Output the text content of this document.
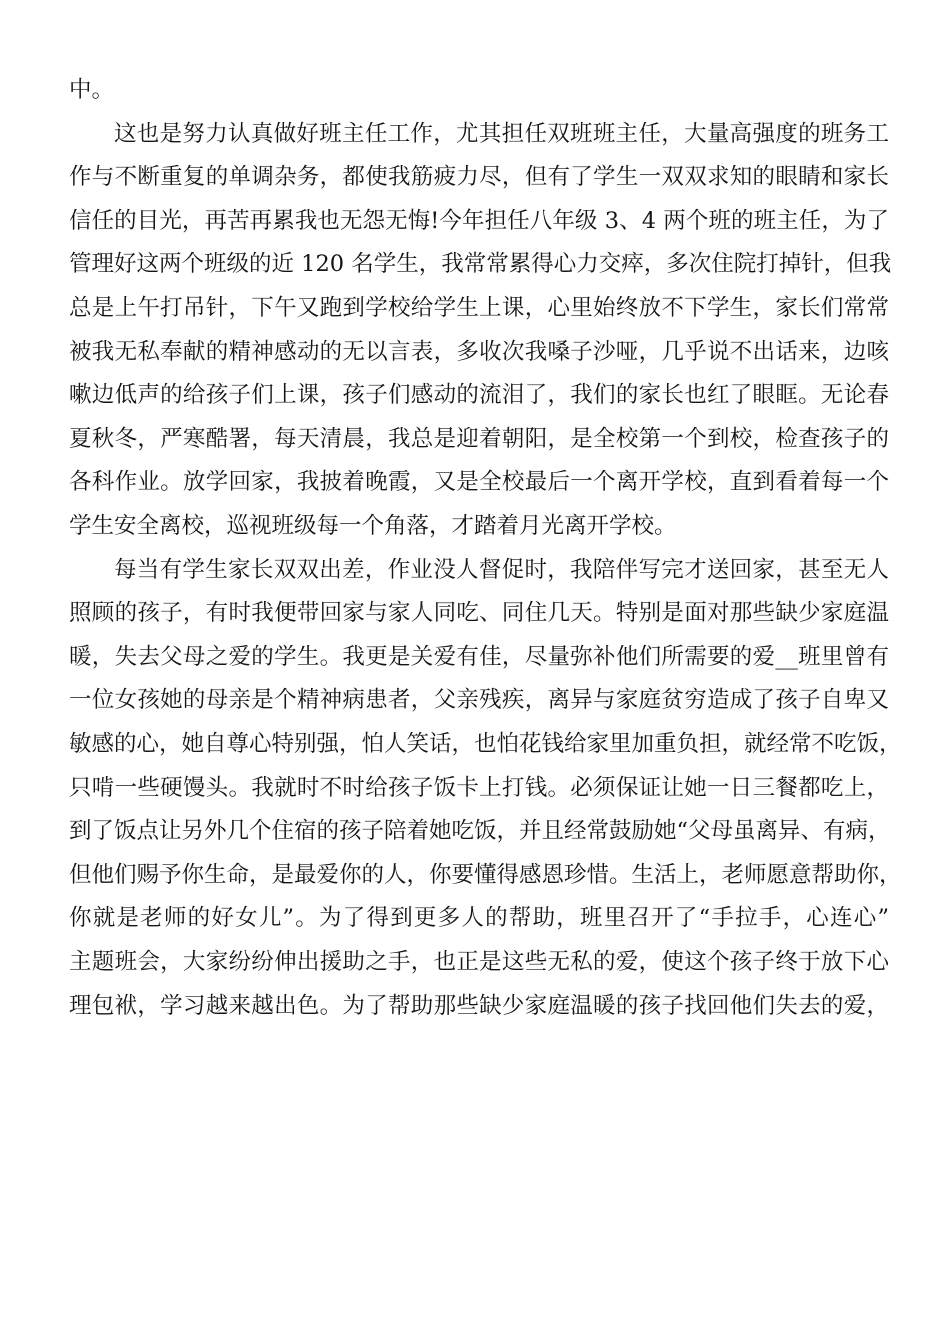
中。
这也是努力认真做好班主任工作，尤其担任双班班主任，大量高强度的班务工
作与不断重复的单调杂务，都使我筋疲力尽，但有了学生一双双求知的眼睛和家长
信任的目光，再苦再累我也无怨无悔!今年担任八年级 3、4 两个班的班主任，为了
管理好这两个班级的近 120 名学生，我常常累得心力交瘁，多次住院打掉针，但我
总是上午打吊针，下午又跑到学校给学生上课，心里始终放不下学生，家长们常常
被我无私奉献的精神感动的无以言表，多收次我嗓子沙哑，几乎说不出话来，边咳
嗽边低声的给孩子们上课，孩子们感动的流泪了，我们的家长也红了眼眶。无论春
夏秋冬，严寒酷署，每天清晨，我总是迎着朝阳，是全校第一个到校，检查孩子的
各科作业。放学回家，我披着晚霞，又是全校最后一个离开学校，直到看着每一个
学生安全离校，巡视班级每一个角落，才踏着月光离开学校。
每当有学生家长双双出差，作业没人督促时，我陪伴写完才送回家，甚至无人
照顾的孩子，有时我便带回家与家人同吃、同住几天。特别是面对那些缺少家庭温
暖，失去父母之爱的学生。我更是关爱有佳，尽量弥补他们所需要的爱__班里曾有
一位女孩她的母亲是个精神病患者，父亲残疾，离异与家庭贫穷造成了孩子自卑又
敏感的心，她自尊心特别强，怕人笑话，也怕花钱给家里加重负担，就经常不吃饭，
只啃一些硬馒头。我就时不时给孩子饭卡上打钱。必须保证让她一日三餐都吃上，
到了饭点让另外几个住宿的孩子陪着她吃饭，并且经常鼓励她“父母虽离异、有病，
但他们赐予你生命，是最爱你的人，你要懂得感恩珍惜。生活上，老师愿意帮助你，
你就是老师的好女儿”。为了得到更多人的帮助，班里召开了“手拉手，心连心”
主题班会，大家纷纷伸出援助之手，也正是这些无私的爱，使这个孩子终于放下心
理包袱，学习越来越出色。为了帮助那些缺少家庭温暖的孩子找回他们失去的爱，
